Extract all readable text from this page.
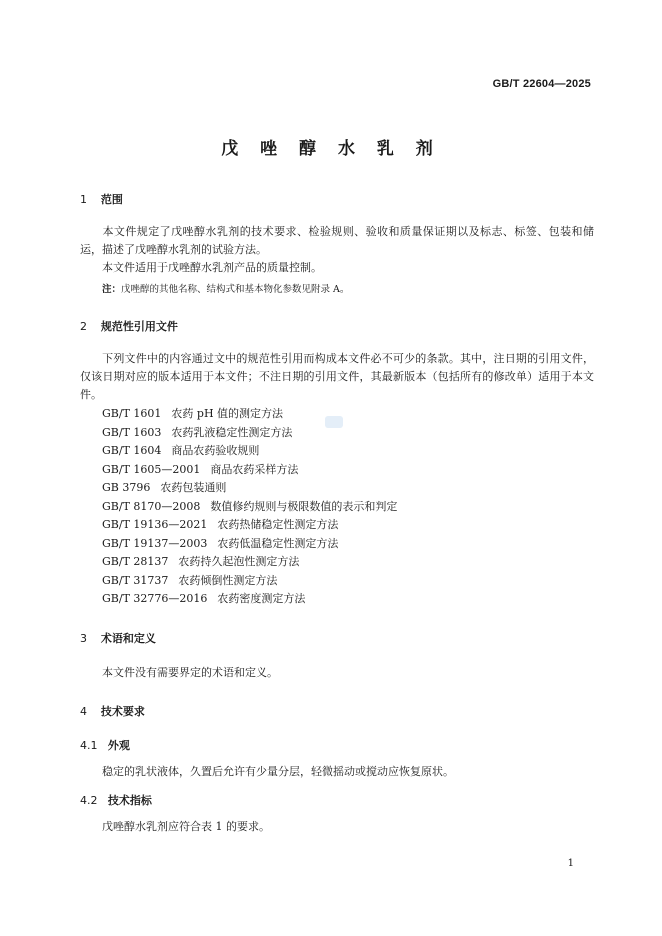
GB/T 22604—2025
戊 唑 醇 水 乳 剂
1 范围
本文件规定了戊唑醇水乳剂的技术要求、检验规则、验收和质量保证期以及标志、标签、包装和储运，描述了戊唑醇水乳剂的试验方法。
本文件适用于戊唑醇水乳剂产品的质量控制。
注：戊唑醇的其他名称、结构式和基本物化参数见附录 A。
2 规范性引用文件
下列文件中的内容通过文中的规范性引用而构成本文件必不可少的条款。其中，注日期的引用文件，仅该日期对应的版本适用于本文件；不注日期的引用文件，其最新版本（包括所有的修改单）适用于本文件。
GB/T 1601 农药 pH 值的测定方法
GB/T 1603 农药乳液稳定性测定方法
GB/T 1604 商品农药验收规则
GB/T 1605—2001 商品农药采样方法
GB 3796 农药包装通则
GB/T 8170—2008 数值修约规则与极限数值的表示和判定
GB/T 19136—2021 农药热储稳定性测定方法
GB/T 19137—2003 农药低温稳定性测定方法
GB/T 28137 农药持久起泡性测定方法
GB/T 31737 农药倾倒性测定方法
GB/T 32776—2016 农药密度测定方法
3 术语和定义
本文件没有需要界定的术语和定义。
4 技术要求
4.1 外观
稳定的乳状液体，久置后允许有少量分层，轻微摇动或搅动应恢复原状。
4.2 技术指标
戊唑醇水乳剂应符合表 1 的要求。
1
